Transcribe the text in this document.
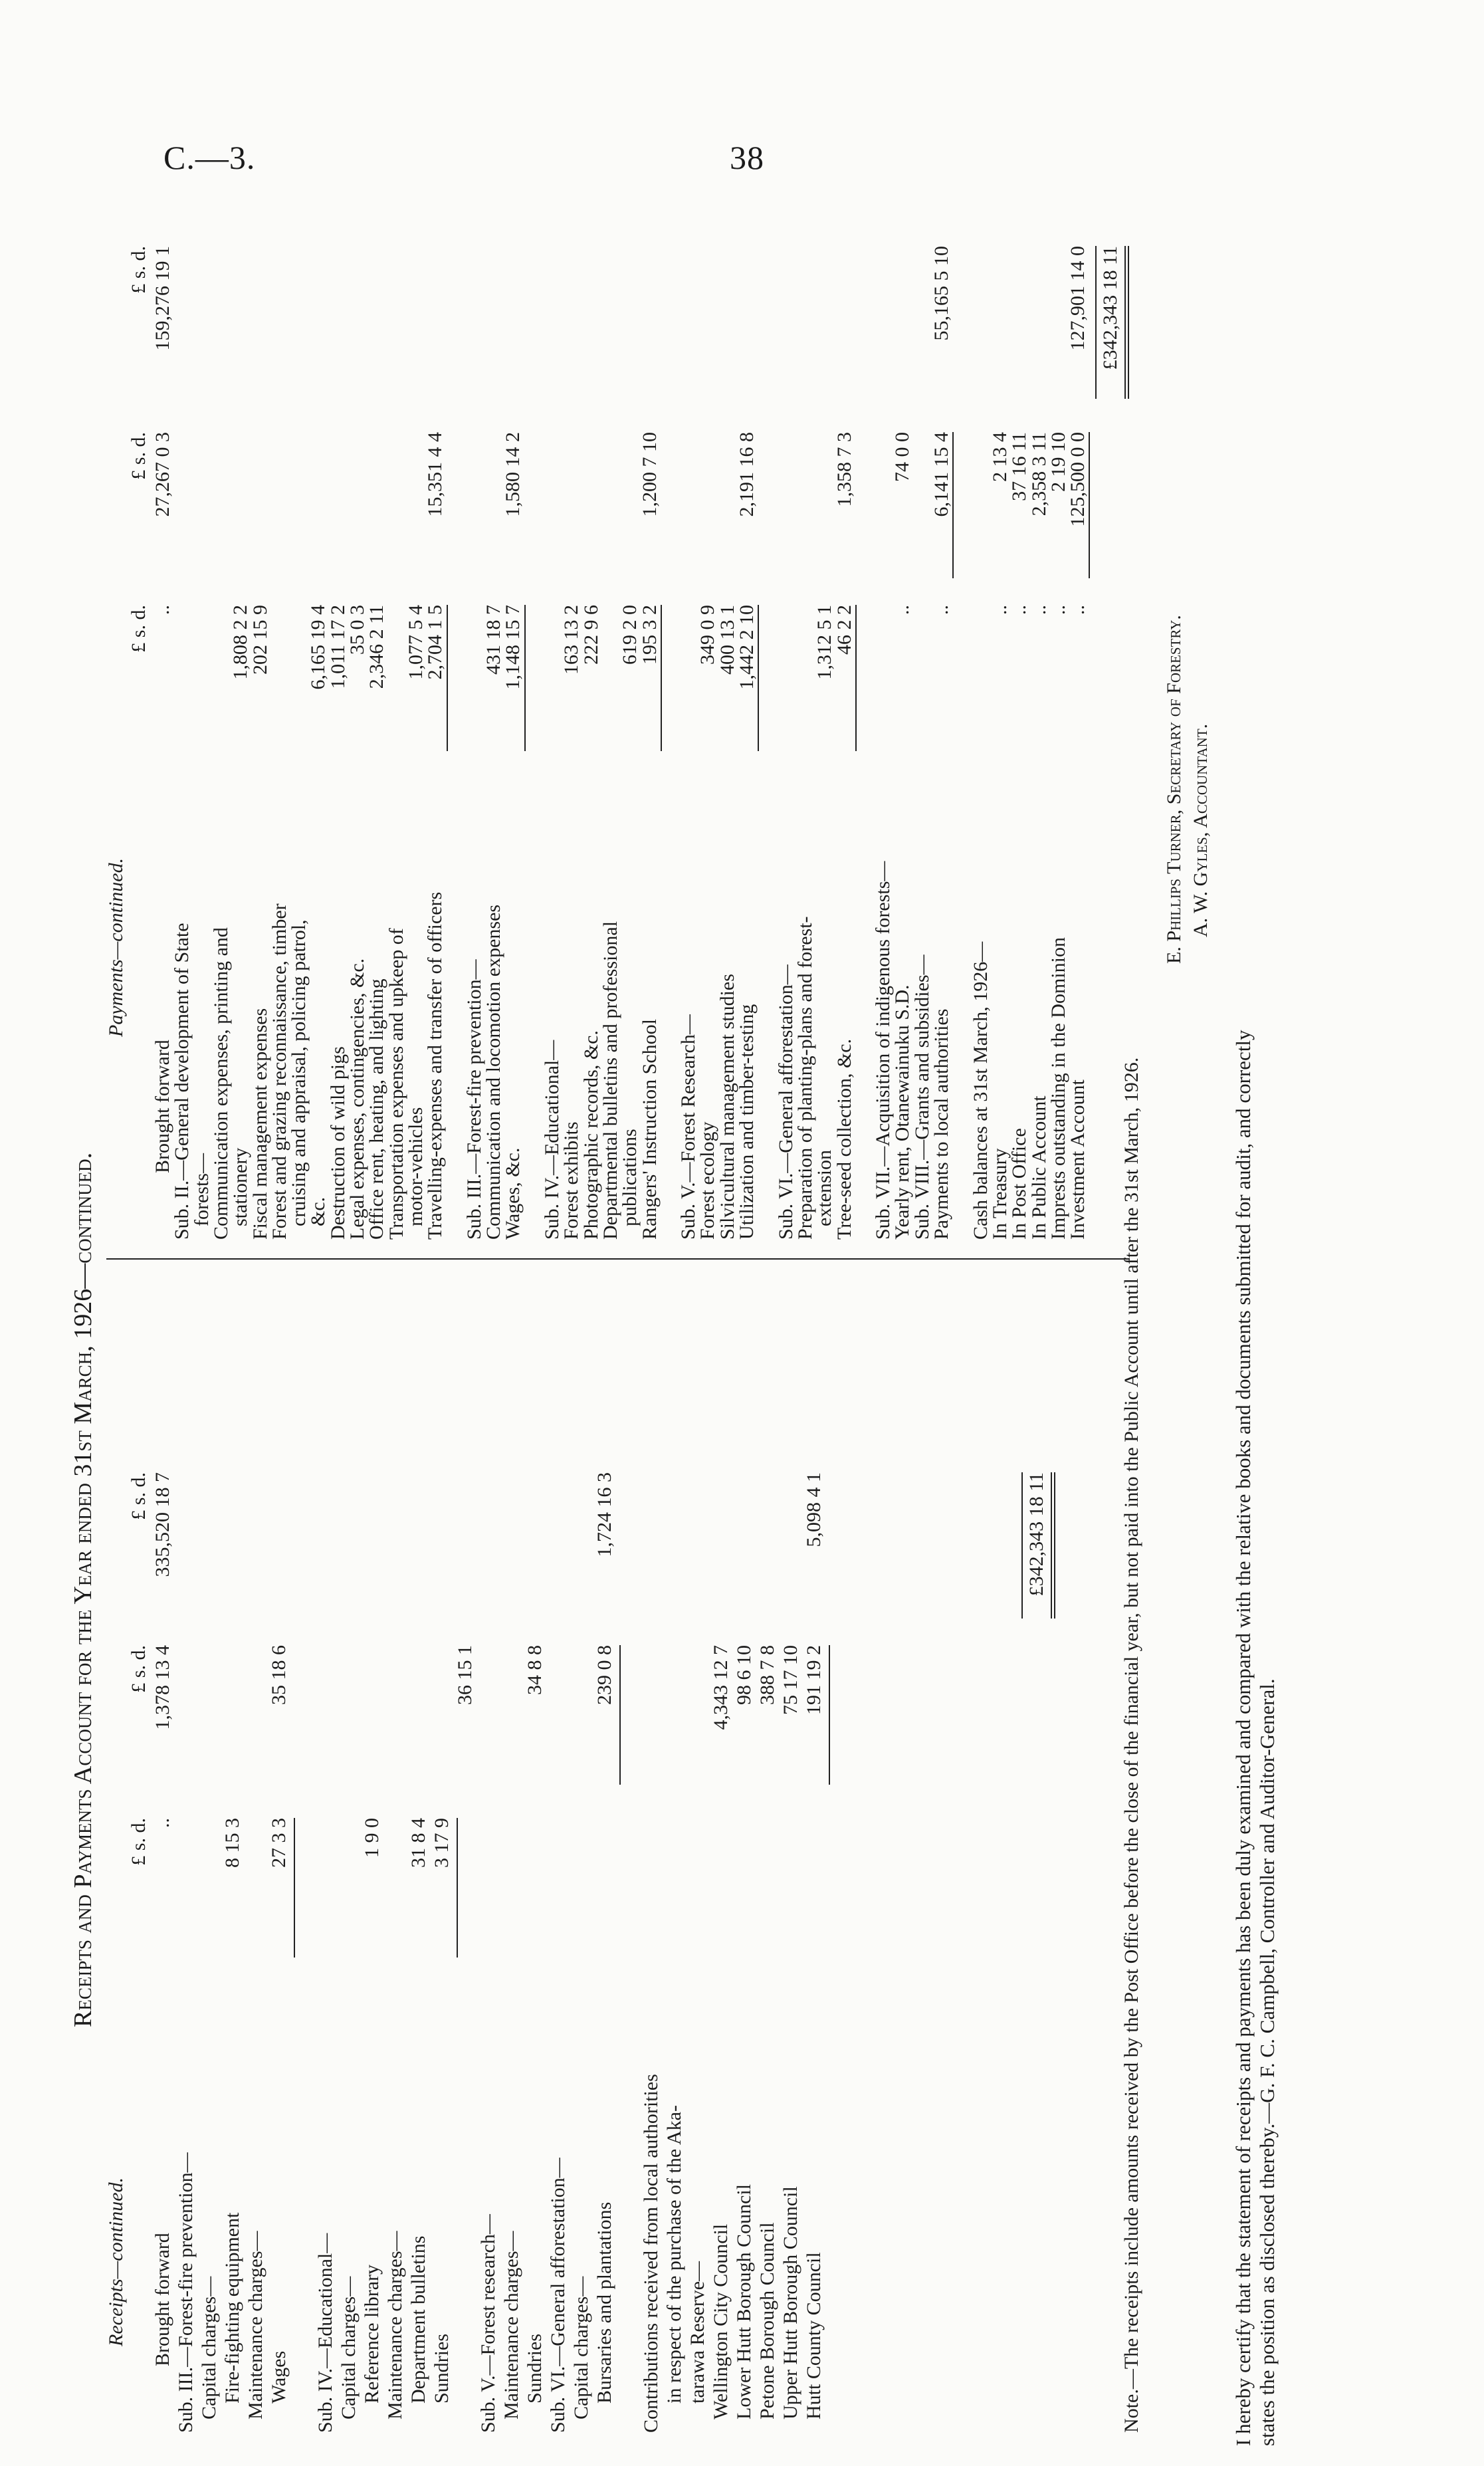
C.—3.	38
Receipts and Payments Account for the Year ended 31st March, 1926—continued.
Receipts—continued.
Payments—continued.
£ s. d.
£ s. d.
£ s. d.
Brought forward
..
1,378 13 4
335,520 18 7
Sub. III.—Forest-fire prevention— Capital charges— Fire-fighting equipment
8 15 3
Maintenance charges— Wages
27 3 3
35 18 6
Sub. IV.—Educational— Capital charges— Reference library
1 9 0
Maintenance charges— Department bulletins
31 8 4
Sundries
3 17 9
36 15 1
Sub. V.—Forest research— Maintenance charges— Sundries
34 8 8
Sub. VI.—General afforestation— Capital charges— Bursaries and plantations
239 0 8
1,724 16 3
Contributions received from local authorities in respect of the purchase of the Aka- tarawa Reserve— Wellington City Council
4,343 12 7
Lower Hutt Borough Council
98 6 10
Petone Borough Council
388 7 8
Upper Hutt Borough Council
75 17 10
Hutt County Council
191 19 2
5,098 4 1	£342,343 18 11
£ s. d.
£ s. d.
£ s. d.
Brought forward
..
27,267 0 3
159,276 19 1
Sub. II.—General development of State
forests—
Communication expenses, printing and
stationery
1,808 2 2
Fiscal management expenses
202 15 9
Forest and grazing reconnaissance, timber
cruising and appraisal, policing patrol,
&c.
6,165 19 4
Destruction of wild pigs
1,011 17 2
Legal expenses, contingencies, &c.
35 0 3
Office rent, heating, and lighting
2,346 2 11
Transportation expenses and upkeep of
motor-vehicles
1,077 5 4
Travelling-expenses and transfer of officers
2,704 1 5
15,351 4 4
Sub. III.—Forest-fire prevention—
Communication and locomotion expenses
431 18 7
Wages, &c.
1,148 15 7
1,580 14 2
Sub. IV.—Educational—
Forest exhibits
163 13 2
Photographic records, &c.
222 9 6
Departmental bulletins and professional
publications
619 2 0
Rangers' Instruction School
195 3 2
1,200 7 10
Sub. V.—Forest Research—
Forest ecology
349 0 9
Silvicultural management studies
400 13 1
Utilization and timber-testing
1,442 2 10
2,191 16 8
Sub. VI.—General afforestation—
Preparation of planting-plans and forest-
extension
1,312 5 1
Tree-seed collection, &c.
46 2 2
1,358 7 3
Sub. VII.—Acquisition of indigenous forests—
Yearly rent, Otanewainuku S.D.
..
74 0 0
Sub. VIII.—Grants and subsidies—
Payments to local authorities
..
6,141 15 4
55,165 5 10
Cash balances at 31st March, 1926—
In Treasury
..
2 13 4
In Post Office
..
37 16 11
In Public Account
..
2,358 3 11
Imprests outstanding in the Dominion
..
2 19 10
Investment Account
..
125,500 0 0
127,901 14 0 £342,343 18 11
Note.—The receipts include amounts received by the Post Office before the close of the financial year, but not paid into the Public Account until after the 31st March, 1926.
E. Phillips Turner, Secretary of Forestry. A. W. Gyles, Accountant.
I hereby certify that the statement of receipts and payments has been duly examined and compared with the relative books and documents submitted for audit, and correctly states the position as disclosed thereby.—G. F. C. Campbell, Controller and Auditor-General.
